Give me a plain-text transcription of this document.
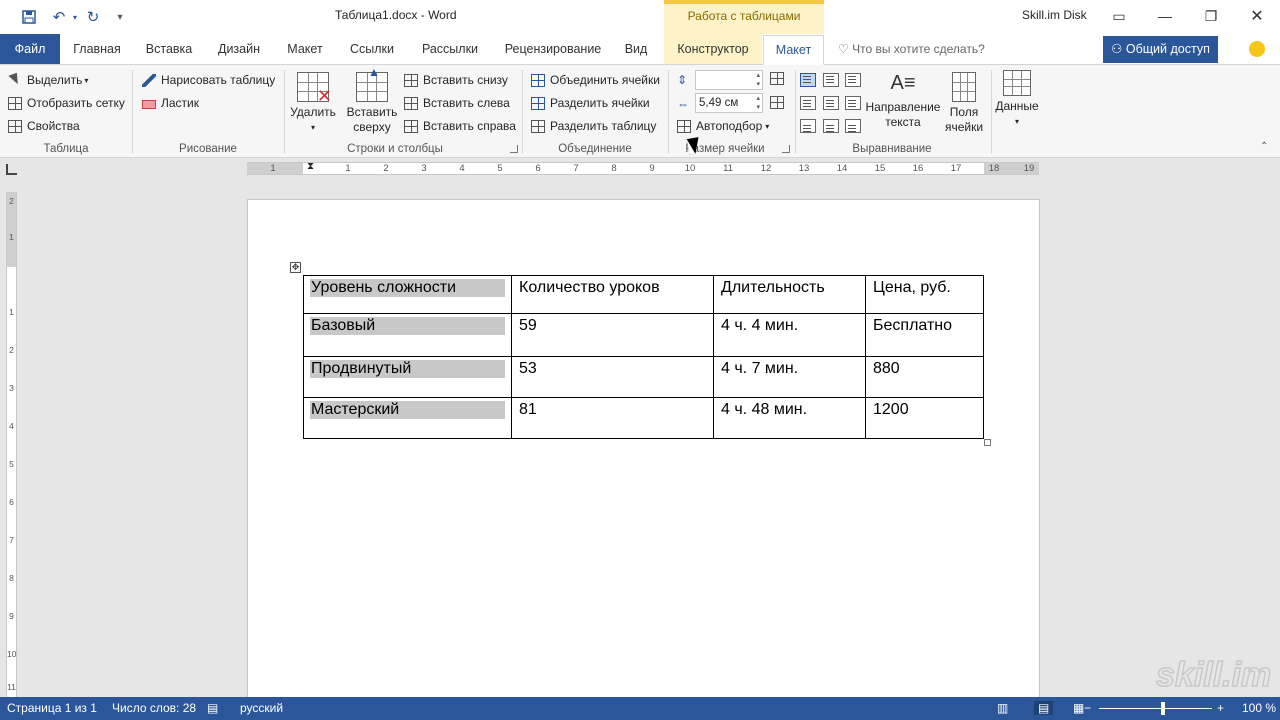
↶ ▾ ↻	▾	Таблица1.docx - Word	Работа с таблицами	Skill.im Disk	▭	—	❐	✕
Файл	Главная	Вставка	Дизайн	Макет	Ссылки	Рассылки	Рецензирование	Вид	Конструктор	Макет	♡ Что вы хотите сделать?	⚇ Общий доступ
Выделить ▾
Отобразить сетку
Свойства
Таблица
Нарисовать таблицу
Ластик
Рисование
✕
Удалить
▾
▲
Вставить
сверху
Вставить снизу
Вставить слева
Вставить справа
Строки и столбцы
Объединить ячейки
Разделить ячейки
Разделить таблицу
Объединение
⇕
▴ ▾
⇔ 5,49 см ▴ ▾
Автоподбор ▾
Размер ячейки
A≡
Направление
текста
Поля
ячейки
Выравнивание
Данные
▾
⌃
1	1	2	3	4	5	6	7	8	9	10	11	12	13	14	15	16	17	18	19
⧗
2
1
1
2
3
4
5
6
7
8
9
10
11
✥
Уровень сложности	Количество уроков	Длительность	Цена, руб.

Базовый	59	4 ч. 4 мин.	Бесплатно

Продвинутый	53	4 ч. 7 мин.	880

Мастерский	81	4 ч. 48 мин.	1200
skill.im
Страница 1 из 1 Число слов: 28 ▤ русский	▥	▤	▦ −	+ 100 %
